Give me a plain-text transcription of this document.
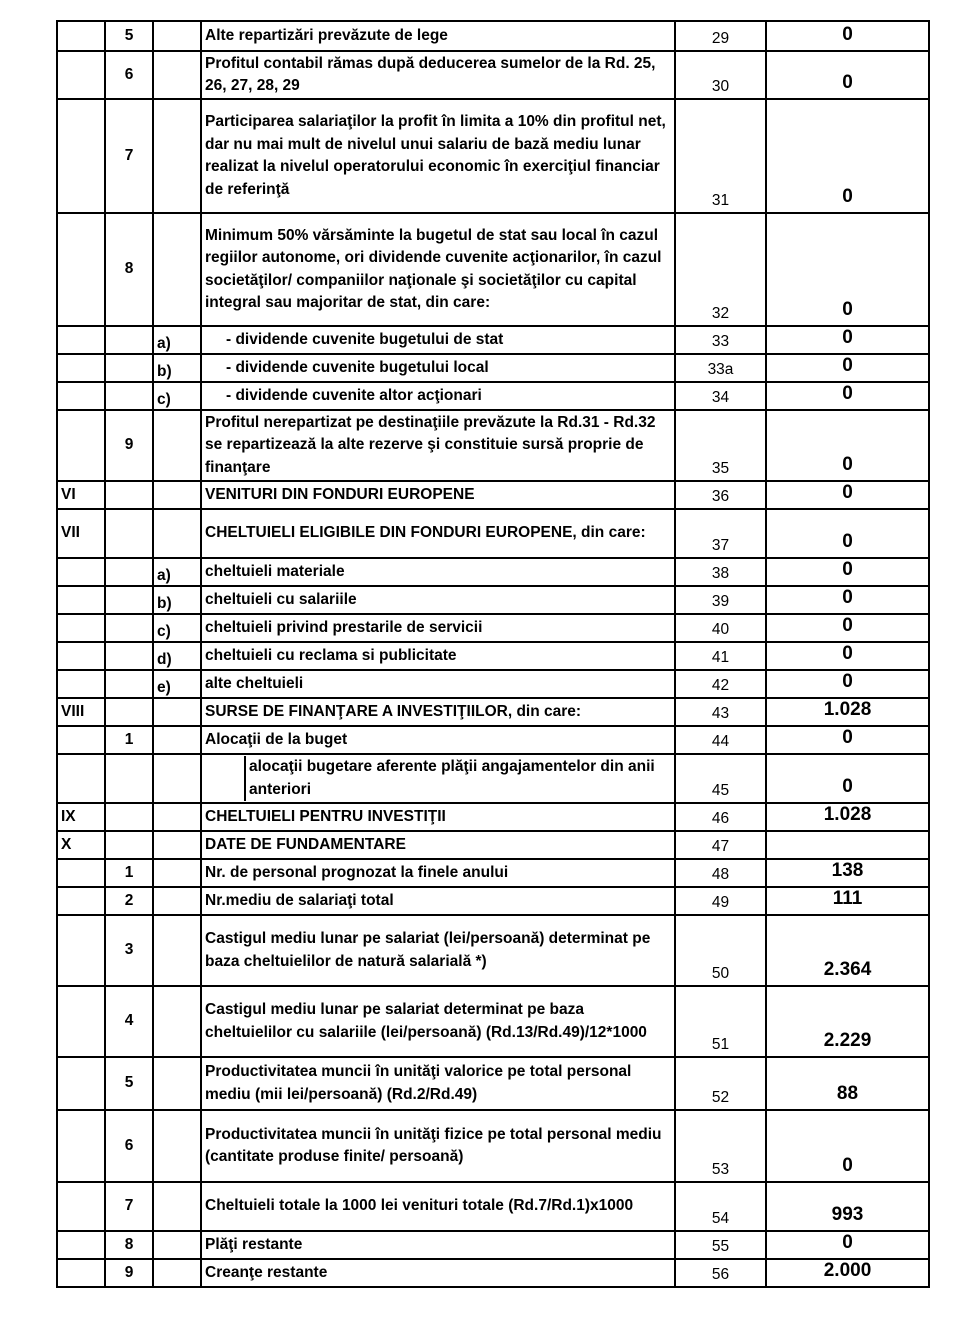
	5		Alte repartizări prevăzute de lege	29	0
	6		Profitul contabil rămas după deducerea sumelor de la Rd. 25, 26, 27, 28, 29	30	0
	7		Participarea salariaţilor la profit în limita a 10% din profitul net, dar nu mai mult de nivelul unui salariu de bază mediu lunar realizat la nivelul operatorului economic în exerciţiul financiar de referinţă	31	0
	8		Minimum 50% vărsăminte la bugetul de stat sau local în cazul regiilor autonome, ori dividende cuvenite acţionarilor, în cazul societăţilor/ companiilor naţionale şi societăţilor cu capital integral sau majoritar de stat, din care:	32	0
		a)	- dividende cuvenite bugetului de stat	33	0
		b)	- dividende cuvenite bugetului local	33a	0
		c)	- dividende cuvenite altor acţionari	34	0
	9		Profitul nerepartizat pe destinaţiile prevăzute la Rd.31 - Rd.32 se repartizează la alte rezerve şi constituie sursă proprie de finanţare	35	0
VI			VENITURI DIN FONDURI EUROPENE	36	0
VII			CHELTUIELI ELIGIBILE DIN FONDURI EUROPENE, din care:	37	0
		a)	cheltuieli materiale	38	0
		b)	cheltuieli cu salariile	39	0
		c)	cheltuieli privind prestarile de servicii	40	0
		d)	cheltuieli cu reclama si publicitate	41	0
		e)	alte cheltuieli	42	0
VIII			SURSE DE FINANŢARE A INVESTIŢIILOR, din care:	43	1.028
	1		Alocaţii de la buget	44	0

			alocaţii bugetare aferente plăţii angajamentelor din anii anteriori	45	0
IX			CHELTUIELI PENTRU INVESTIŢII	46	1.028
X			DATE DE FUNDAMENTARE	47	
	1		Nr. de personal prognozat la finele anului	48	138
	2		Nr.mediu de salariaţi total	49	111
	3		Castigul mediu lunar pe salariat (lei/persoană) determinat pe baza cheltuielilor de natură salarială *)	50	2.364
	4		Castigul mediu lunar pe salariat determinat pe baza cheltuielilor cu salariile (lei/persoană) (Rd.13/Rd.49)/12*1000	51	2.229
	5		Productivitatea muncii în unităţi valorice pe total personal mediu (mii lei/persoană) (Rd.2/Rd.49)	52	88
	6		Productivitatea muncii în unităţi fizice pe total personal mediu (cantitate produse finite/ persoană)	53	0
	7		Cheltuieli totale la 1000 lei venituri totale (Rd.7/Rd.1)x1000	54	993
	8		Plăţi restante	55	0
	9		Creanţe restante	56	2.000
